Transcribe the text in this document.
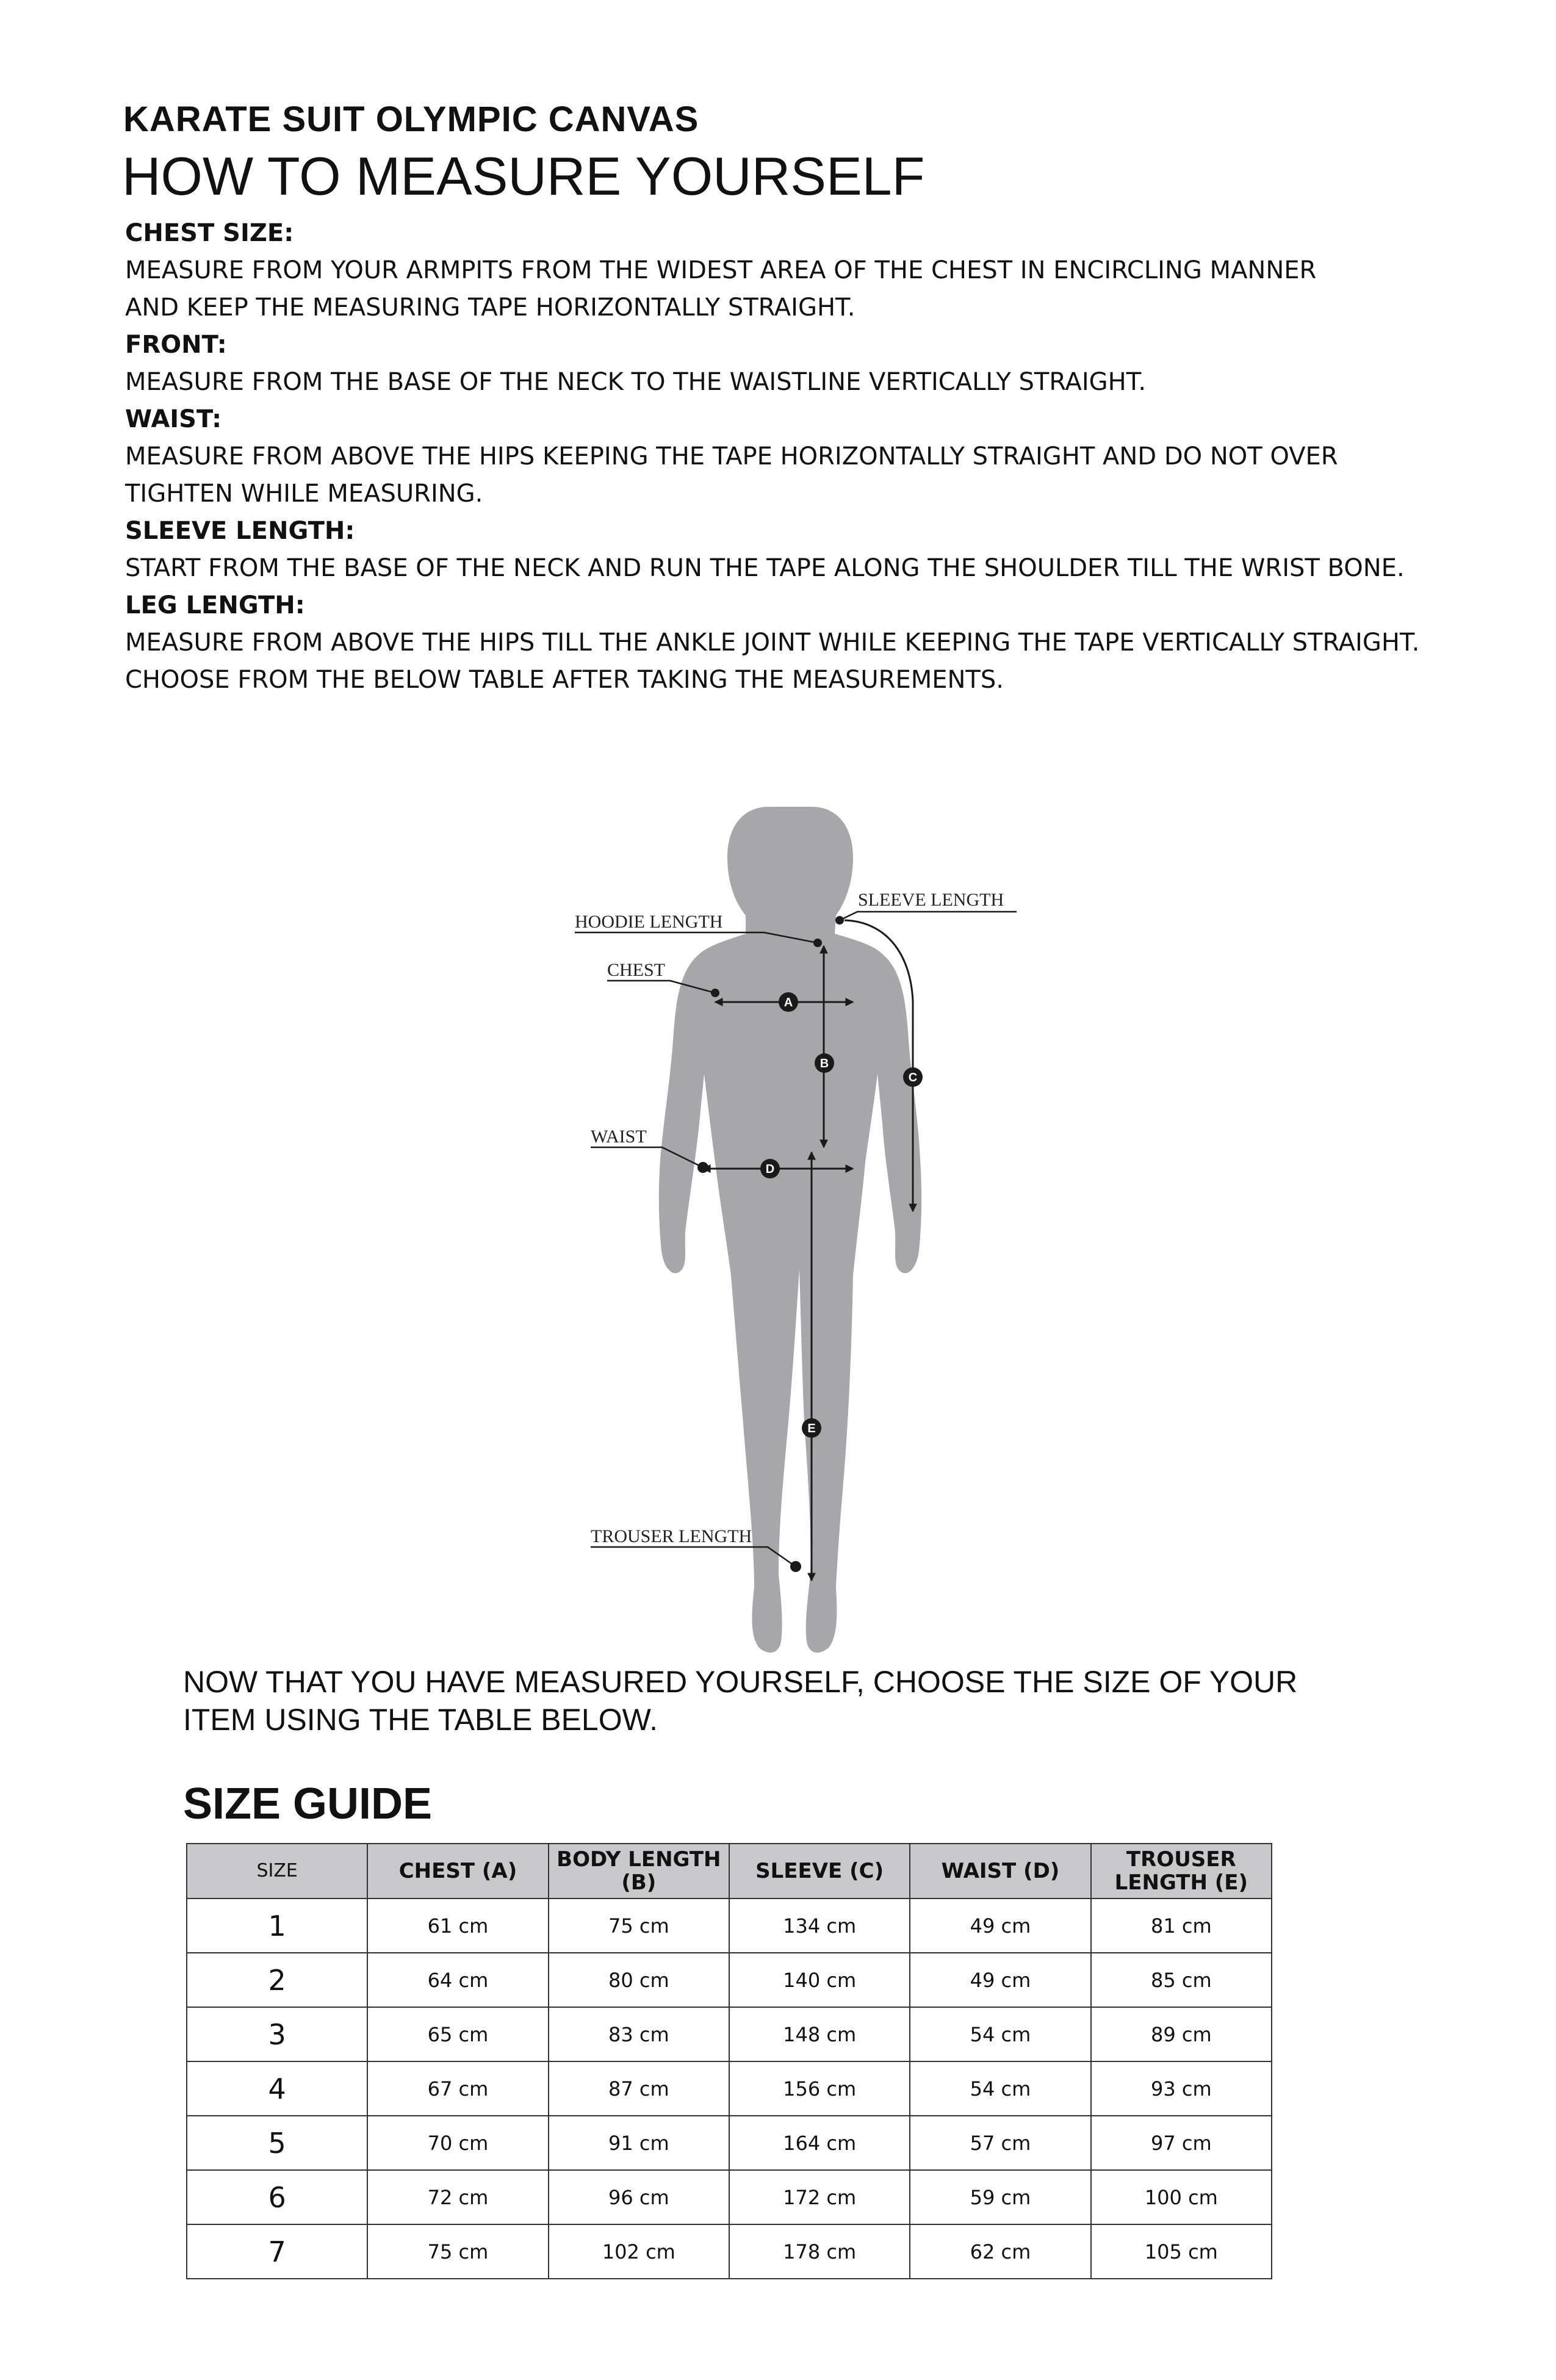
KARATE SUIT OLYMPIC CANVAS
HOW TO MEASURE YOURSELF
CHEST SIZE:
MEASURE FROM YOUR ARMPITS FROM THE WIDEST AREA OF THE CHEST IN ENCIRCLING MANNER
AND KEEP THE MEASURING TAPE HORIZONTALLY STRAIGHT.
FRONT:
MEASURE FROM THE BASE OF THE NECK TO THE WAISTLINE VERTICALLY STRAIGHT.
WAIST:
MEASURE FROM ABOVE THE HIPS KEEPING THE TAPE HORIZONTALLY STRAIGHT AND DO NOT OVER
TIGHTEN WHILE MEASURING.
SLEEVE LENGTH:
START FROM THE BASE OF THE NECK AND RUN THE TAPE ALONG THE SHOULDER TILL THE WRIST BONE.
LEG LENGTH:
MEASURE FROM ABOVE THE HIPS TILL THE ANKLE JOINT WHILE KEEPING THE TAPE VERTICALLY STRAIGHT.
CHOOSE FROM THE BELOW TABLE AFTER TAKING THE MEASUREMENTS.
HOODIE LENGTH
SLEEVE LENGTH
CHEST
WAIST
TROUSER LENGTH
A
B
C
D
E
NOW THAT YOU HAVE MEASURED YOURSELF, CHOOSE THE SIZE OF YOUR
ITEM USING THE TABLE BELOW.
SIZE GUIDE
SIZE	CHEST (A)	BODY LENGTH (B)	SLEEVE (C)	WAIST (D)	TROUSER LENGTH (E)
1	61 cm	75 cm	134 cm	49 cm	81 cm
2	64 cm	80 cm	140 cm	49 cm	85 cm
3	65 cm	83 cm	148 cm	54 cm	89 cm
4	67 cm	87 cm	156 cm	54 cm	93 cm
5	70 cm	91 cm	164 cm	57 cm	97 cm
6	72 cm	96 cm	172 cm	59 cm	100 cm
7	75 cm	102 cm	178 cm	62 cm	105 cm
